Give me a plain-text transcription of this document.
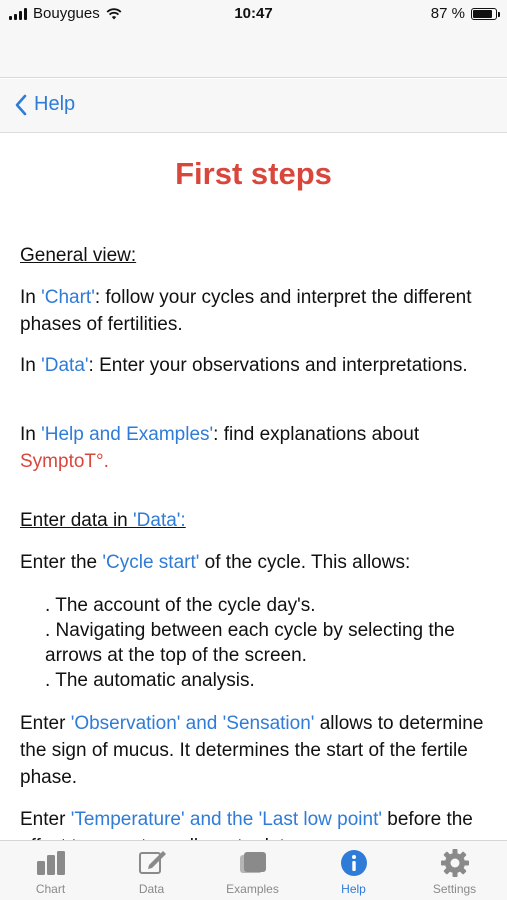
Bouygues	10:47	87 %
Help
First steps
General view:
In 'Chart': follow your cycles and interpret the different phases of fertilities.
In 'Data': Enter your observations and interpretations.
In 'Help and Examples': find explanations about SymptoT°.
Enter data in 'Data':
Enter the 'Cycle start' of the cycle. This allows:
. The account of the cycle day's.
. Navigating between each cycle by selecting the arrows at the top of the screen.
. The automatic analysis.
Enter 'Observation' and 'Sensation' allows to determine the sign of mucus. It determines the start of the fertile phase.
Enter 'Temperature' and the 'Last low point' before the
Chart	Data	Examples	Help	Settings
